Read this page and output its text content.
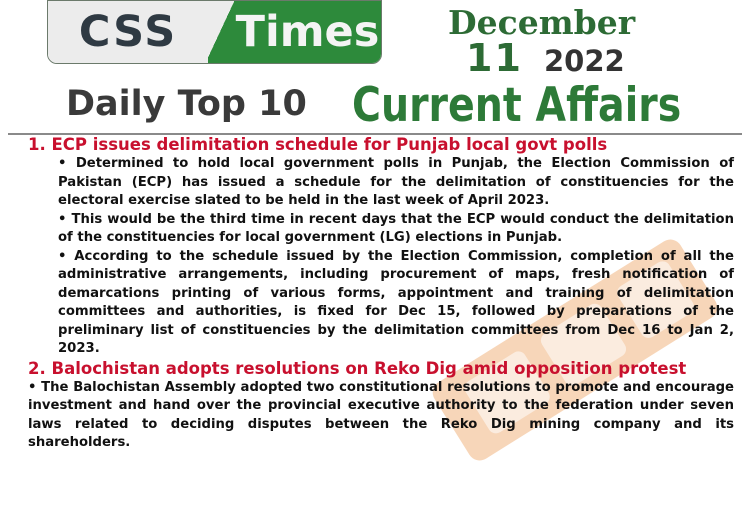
CSS	Times December
11 2022
Daily Top 10 Current Affairs

1. ECP issues delimitation schedule for Punjab local govt polls

• Determined to hold local government polls in Punjab, the Election Commission of Pakistan (ECP) has issued a schedule for the delimitation of constituencies for the electoral exercise slated to be held in the last week of April 2023.

• This would be the third time in recent days that the ECP would conduct the delimitation of the constituencies for local government (LG) elections in Punjab.

• According to the schedule issued by the Election Commission, completion of all the administrative arrangements, including procurement of maps, fresh notification of demarcations printing of various forms, appointment and training of delimitation committees and authorities, is fixed for Dec 15, followed by preparations of the preliminary list of constituencies by the delimitation committees from Dec 16 to Jan 2, 2023.

2. Balochistan adopts resolutions on Reko Dig amid opposition protest

• The Balochistan Assembly adopted two constitutional resolutions to promote and encourage investment and hand over the provincial executive authority to the federation under seven laws related to deciding disputes between the Reko Dig mining company and its shareholders.
